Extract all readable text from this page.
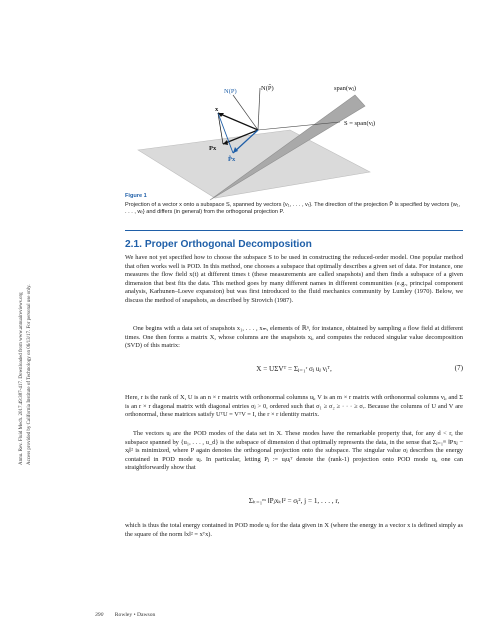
Annu. Rev. Fluid Mech. 2017.49:387-417. Downloaded from www.annualreviews.org Access provided by California Institute of Technology on 06/13/17. For personal use only.
N(P)	N(P̃)	span(wⱼ)
S = span(vⱼ)
x
Px
P̃x
Figure 1
Projection of a vector x onto a subspace S, spanned by vectors {v₁, . . . , vᵣ}. The direction of the projection P̃ is specified by vectors {w₁, . . . , wᵣ} and differs (in general) from the orthogonal projection P.
2.1. Proper Orthogonal Decomposition
We have not yet specified how to choose the subspace S to be used in constructing the reduced-order model. One popular method that often works well is POD. In this method, one chooses a subspace that optimally describes a given set of data. For instance, one measures the flow field x(t) at different times t (these measurements are called snapshots) and then finds a subspace of a given dimension that best fits the data. This method goes by many different names in different communities (e.g., principal component analysis, Karhunen–Loeve expansion) but was first introduced to the fluid mechanics community by Lumley (1970). Below, we discuss the method of snapshots, as described by Sirovich (1987).
One begins with a data set of snapshots x₁, . . . , xₘ, elements of ℝⁿ, for instance, obtained by sampling a flow field at different times. One then forms a matrix X, whose columns are the snapshots xⱼ, and computes the reduced singular value decomposition (SVD) of this matrix:
X = UΣVᵀ = Σⱼ₌₁ʳ σⱼ uⱼ vⱼᵀ,	(7)
Here, r is the rank of X, U is an n × r matrix with orthonormal columns uⱼ, V is an m × r matrix with orthonormal columns vⱼ, and Σ is an r × r diagonal matrix with diagonal entries σⱼ > 0, ordered such that σ₁ ≥ σ₂ ≥ · · · ≥ σᵣ. Because the columns of U and V are orthonormal, these matrices satisfy UᵀU = VᵀV = I, the r × r identity matrix.
The vectors uⱼ are the POD modes of the data set in X. These modes have the remarkable property that, for any d < r, the subspace spanned by {u₁, . . . , u_d} is the subspace of dimension d that optimally represents the data, in the sense that Σⱼ₌₁ᵐ ‖Pxⱼ − xⱼ‖² is minimized, where P again denotes the orthogonal projection onto the subspace. The singular value σⱼ describes the energy contained in POD mode uⱼ. In particular, letting Pⱼ := uⱼuⱼᵀ denote the (rank-1) projection onto POD mode uⱼ, one can straightforwardly show that
Σₖ₌₁ᵐ ‖Pⱼxₖ‖² = σⱼ², j = 1, . . . , r,
which is thus the total energy contained in POD mode uⱼ for the data given in X (where the energy in a vector x is defined simply as the square of the norm ‖x‖² = xᵀx).
390 Rowley • Dawson
